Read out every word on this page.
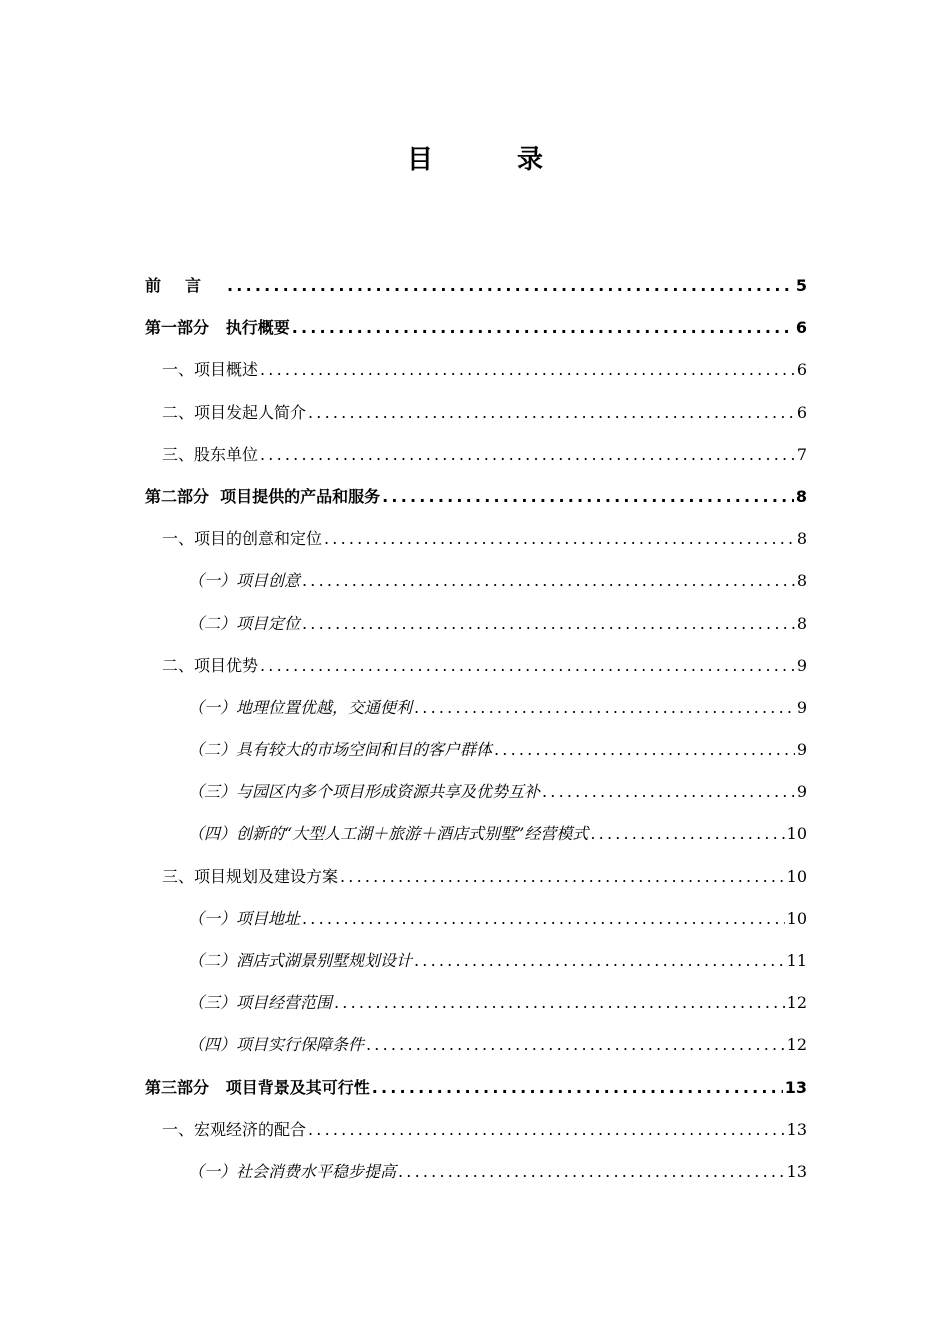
目  录
前言 .....	5
第一部分   执行概要 .....	6
一、项目概述 .....	6
二、项目发起人简介 .....	6
三、股东单位 .....	7
第二部分  项目提供的产品和服务 .....	8
一、项目的创意和定位 .....	8
（一）项目创意 .....	8
（二）项目定位 .....	8
二、项目优势 .....	9
（一）地理位置优越，交通便利 .....	9
（二）具有较大的市场空间和目的客户群体 .....	9
（三）与园区内多个项目形成资源共享及优势互补 .....	9
（四）创新的“大型人工湖＋旅游＋酒店式别墅”经营模式 .....	10
三、项目规划及建设方案 .....	10
（一）项目地址 .....	10
（二）酒店式湖景别墅规划设计 .....	11
（三）项目经营范围 .....	12
（四）项目实行保障条件 .....	12
第三部分   项目背景及其可行性 .....	13
一、宏观经济的配合 .....	13
（一）社会消费水平稳步提高 .....	13
